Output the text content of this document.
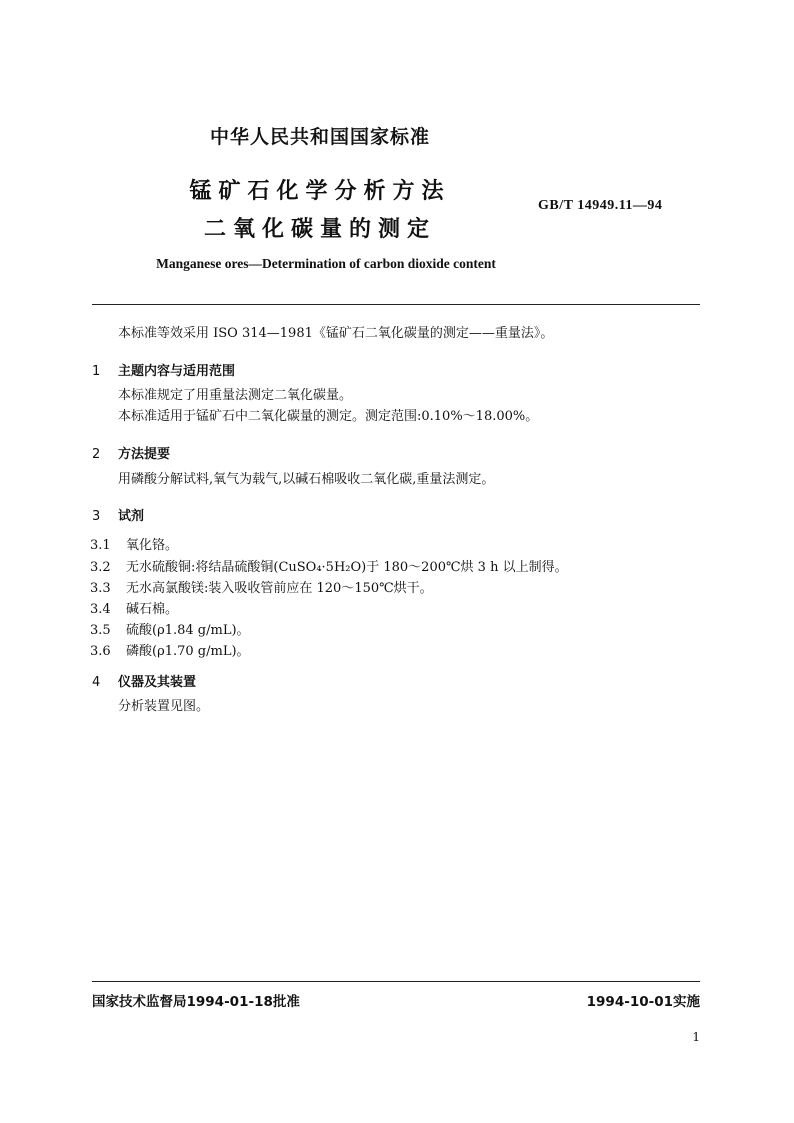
中华人民共和国国家标准
锰矿石化学分析方法
二氧化碳量的测定
GB/T 14949.11—94
Manganese ores—Determination of carbon dioxide content
本标准等效采用 ISO 314—1981《锰矿石二氧化碳量的测定——重量法》。
1 主题内容与适用范围
本标准规定了用重量法测定二氧化碳量。
本标准适用于锰矿石中二氧化碳量的测定。测定范围:0.10%～18.00%。
2 方法提要
用磷酸分解试料,氧气为载气,以碱石棉吸收二氧化碳,重量法测定。
3 试剂
3.1 氧化铬。
3.2 无水硫酸铜:将结晶硫酸铜(CuSO₄·5H₂O)于 180～200℃烘 3 h 以上制得。
3.3 无水高氯酸镁:装入吸收管前应在 120～150℃烘干。
3.4 碱石棉。
3.5 硫酸(ρ1.84 g/mL)。
3.6 磷酸(ρ1.70 g/mL)。
4 仪器及其装置
分析装置见图。
国家技术监督局1994-01-18批准	1994-10-01实施
1
